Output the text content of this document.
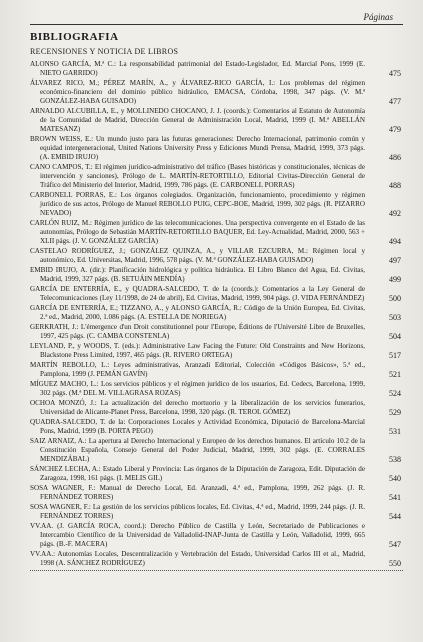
Páginas
BIBLIOGRAFIA
RECENSIONES Y NOTICIA DE LIBROS
ALONSO GARCÍA, M.ª C.: La responsabilidad patrimonial del Estado-Legislador, Ed. Marcial Pons, 1999 (E. NIETO GARRIDO)	475
ÁLVAREZ RICO, M.; PÉREZ MARÍN, A., y ÁLVAREZ-RICO GARCÍA, I.: Los problemas del régimen económico-financiero del dominio público hidráulico, EMACSA, Córdoba, 1998, 347 págs. (V. M.ª GONZÁLEZ-HABA GUISADO)	477
ARNALDO ALCUBILLA, E., y MOLLINEDO CHOCANO, J. J. (coords.): Comentarios al Estatuto de Autonomía de la Comunidad de Madrid, Dirección General de Administración Local, Madrid, 1999 (I. M.ª ABELLÁN MATESANZ)	479
BROWN WEISS, E.: Un mundo justo para las futuras generaciones: Derecho Internacional, patrimonio común y equidad intergeneracional, United Nations University Press y Ediciones Mundi Prensa, Madrid, 1999, 373 págs. (A. EMBID IRUJO)	486
CANO CAMPOS, T.: El régimen jurídico-administrativo del tráfico (Bases históricas y constitucionales, técnicas de intervención y sanciones), Prólogo de L. MARTÍN-RETORTILLO, Editorial Civitas-Dirección General de Tráfico del Ministerio del Interior, Madrid, 1999, 786 págs. (E. CARBONELL PORRAS)	488
CARBONELL PORRAS, E.: Los órganos colegiados. Organización, funcionamiento, procedimiento y régimen jurídico de sus actos, Prólogo de Manuel REBOLLO PUIG, CEPC-BOE, Madrid, 1999, 302 págs. (R. PIZARRO NEVADO)	492
CARLÓN RUIZ, M.: Régimen jurídico de las telecomunicaciones. Una perspectiva convergente en el Estado de las autonomías, Prólogo de Sebastián MARTÍN-RETORTILLO BAQUER, Ed. Ley-Actualidad, Madrid, 2000, 563 + XLII págs. (J. V. GONZÁLEZ GARCÍA)	494
CASTELAO RODRÍGUEZ, J.; GONZÁLEZ QUINZA, A., y VILLAR EZCURRA, M.: Régimen local y autonómico, Ed. Universitas, Madrid, 1996, 578 págs. (V. M.ª GONZÁLEZ-HABA GUISADO)	497
EMBID IRUJO, A. (dir.): Planificación hidrológica y política hidráulica. El Libro Blanco del Agua, Ed. Civitas, Madrid, 1999, 327 págs. (B. SETUÁIN MENDÍA)	499
GARCÍA DE ENTERRÍA, E., y QUADRA-SALCEDO, T. de la (coords.): Comentarios a la Ley General de Telecomunicaciones (Ley 11/1998, de 24 de abril), Ed. Civitas, Madrid, 1999, 904 págs. (J. VIDA FERNÁNDEZ)	500
GARCÍA DE ENTERRÍA, E.; TIZZANO, A., y ALONSO GARCÍA, R.: Código de la Unión Europea, Ed. Civitas, 2.ª ed., Madrid, 2000, 1.086 págs. (A. ESTELLA DE NORIEGA)	503
GERKRATH, J.: L'émergence d'un Droit constitutionnel pour l'Europe, Éditions de l'Université Libre de Bruxelles, 1997, 425 págs. (C. CAMBA CONSTENLA)	504
LEYLAND, P., y WOODS, T. (eds.): Administrative Law Facing the Future: Old Constraints and New Horizons, Blackstone Press Limited, 1997, 465 págs. (R. RIVERO ORTEGA)	517
MARTÍN REBOLLO, L.: Leyes administrativas, Aranzadi Editorial, Colección «Códigos Básicos», 5.ª ed., Pamplona, 1999 (J. PEMÁN GAVÍN)	521
MÍGUEZ MACHO, L.: Los servicios públicos y el régimen jurídico de los usuarios, Ed. Cedecs, Barcelona, 1999, 302 págs. (M.ª DEL M. VILLAGRASA ROZAS)	524
OCHOA MONZÓ, J.: La actualización del derecho mortuorio y la liberalización de los servicios funerarios, Universidad de Alicante-Planet Press, Barcelona, 1998, 320 págs. (R. TEROL GÓMEZ)	529
QUADRA-SALCEDO, T. de la: Corporaciones Locales y Actividad Económica, Diputació de Barcelona-Marcial Pons, Madrid, 1999 (B. PORTA PEGO)	531
SAIZ ARNAIZ, A.: La apertura al Derecho Internacional y Europeo de los derechos humanos. El artículo 10.2 de la Constitución Española, Consejo General del Poder Judicial, Madrid, 1999, 302 págs. (E. CORRALES MENDIZÁBAL)	538
SÁNCHEZ LECHA, A.: Estado Liberal y Provincia: Las órganos de la Diputación de Zaragoza, Edit. Diputación de Zaragoza, 1998, 161 págs. (I. MELIS GIL)	540
SOSA WAGNER, F.: Manual de Derecho Local, Ed. Aranzadi, 4.ª ed., Pamplona, 1999, 262 págs. (J. R. FERNÁNDEZ TORRES)	541
SOSA WAGNER, F.: La gestión de los servicios públicos locales, Ed. Civitas, 4.ª ed., Madrid, 1999, 244 págs. (J. R. FERNÁNDEZ TORRES)	544
VV.AA. (J. GARCÍA ROCA, coord.): Derecho Público de Castilla y León, Secretariado de Publicaciones e Intercambio Científico de la Universidad de Valladolid-INAP-Junta de Castilla y León, Valladolid, 1999, 665 págs. (B.-F. MACERA)	547
VV.AA.: Autonomías Locales, Descentralización y Vertebración del Estado, Universidad Carlos III et al., Madrid, 1998 (A. SÁNCHEZ RODRÍGUEZ)	550
